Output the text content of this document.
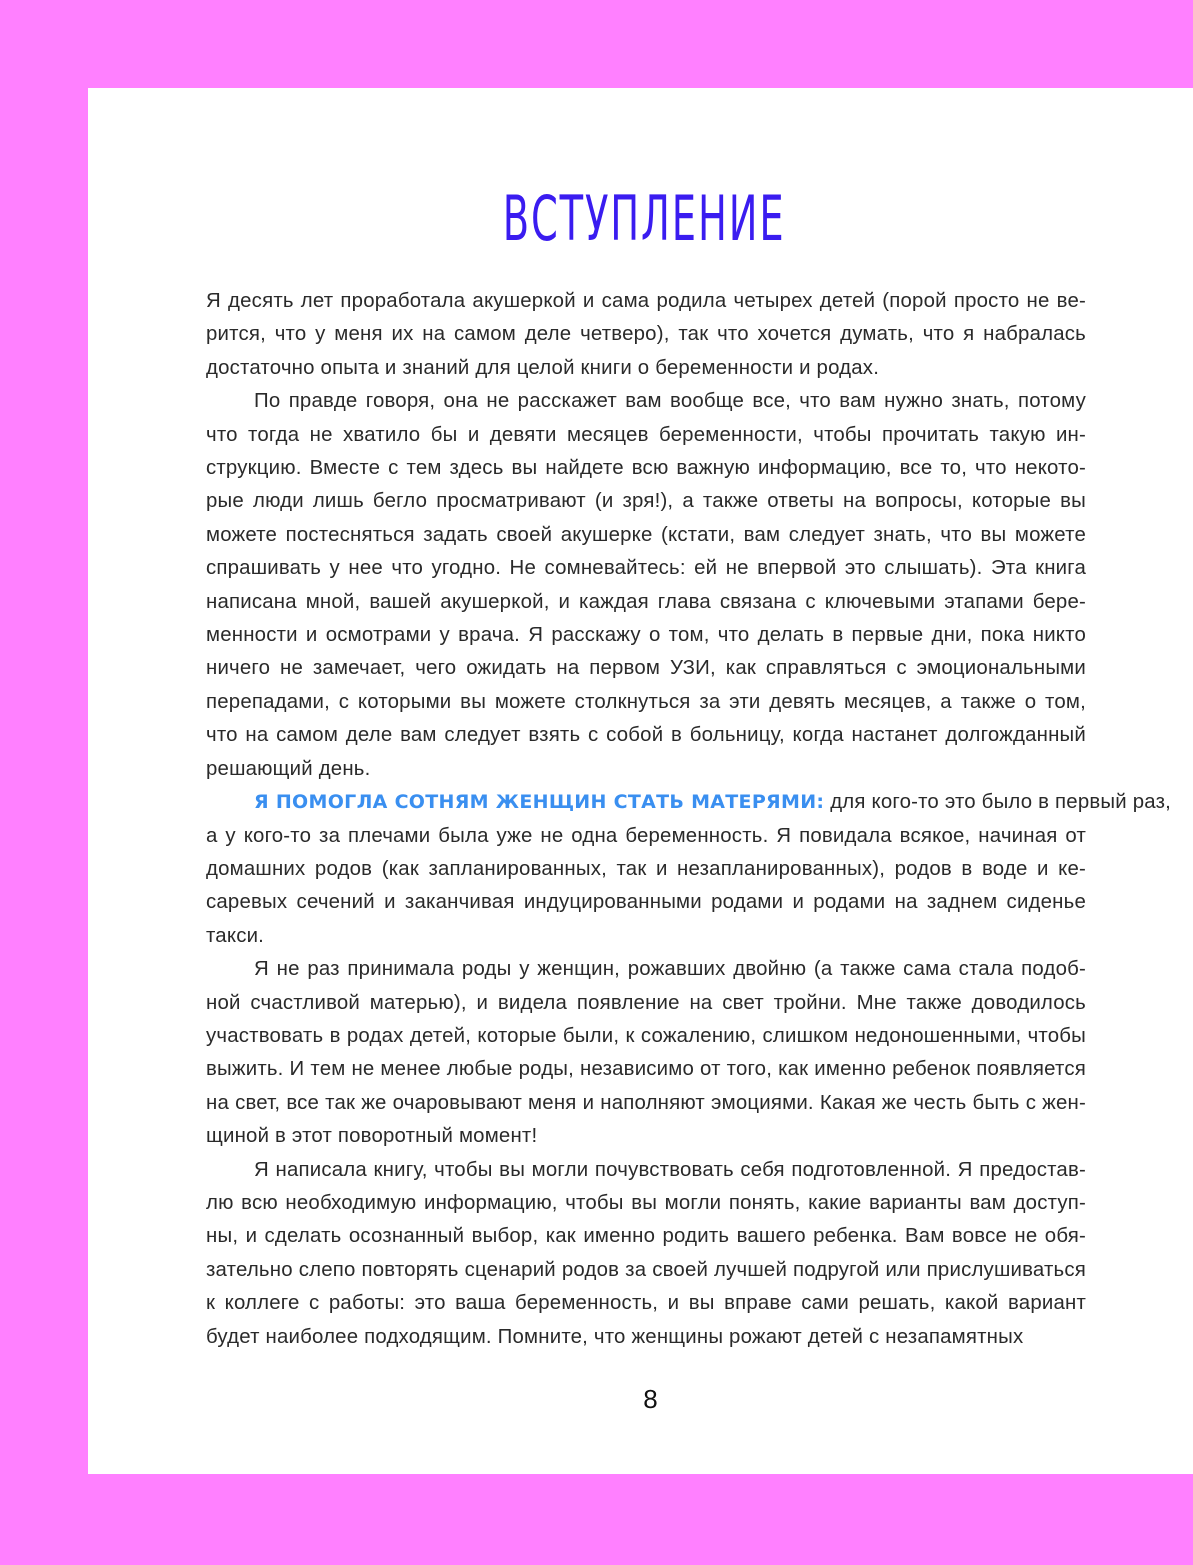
ВСТУПЛЕНИЕ

Я десять лет проработала акушеркой и сама родила четырех детей (порой просто не ве-
рится, что у меня их на самом деле четверо), так что хочется думать, что я набралась
достаточно опыта и знаний для целой книги о беременности и родах.

По правде говоря, она не расскажет вам вообще все, что вам нужно знать, потому
что тогда не хватило бы и девяти месяцев беременности, чтобы прочитать такую ин-
струкцию. Вместе с тем здесь вы найдете всю важную информацию, все то, что некото-
рые люди лишь бегло просматривают (и зря!), а также ответы на вопросы, которые вы
можете постесняться задать своей акушерке (кстати, вам следует знать, что вы можете
спрашивать у нее что угодно. Не сомневайтесь: ей не впервой это слышать). Эта книга
написана мной, вашей акушеркой, и каждая глава связана с ключевыми этапами бере-
менности и осмотрами у врача. Я расскажу о том, что делать в первые дни, пока никто
ничего не замечает, чего ожидать на первом УЗИ, как справляться с эмоциональными
перепадами, с которыми вы можете столкнуться за эти девять месяцев, а также о том,
что на самом деле вам следует взять с собой в больницу, когда настанет долгожданный
решающий день.

Я ПОМОГЛА СОТНЯМ ЖЕНЩИН СТАТЬ МАТЕРЯМИ: для кого-то это было в первый раз,
а у кого-то за плечами была уже не одна беременность. Я повидала всякое, начиная от
домашних родов (как запланированных, так и незапланированных), родов в воде и ке-
саревых сечений и заканчивая индуцированными родами и родами на заднем сиденье
такси.

Я не раз принимала роды у женщин, рожавших двойню (а также сама стала подоб-
ной счастливой матерью), и видела появление на свет тройни. Мне также доводилось
участвовать в родах детей, которые были, к сожалению, слишком недоношенными, чтобы
выжить. И тем не менее любые роды, независимо от того, как именно ребенок появляется
на свет, все так же очаровывают меня и наполняют эмоциями. Какая же честь быть с жен-
щиной в этот поворотный момент!

Я написала книгу, чтобы вы могли почувствовать себя подготовленной. Я предостав-
лю всю необходимую информацию, чтобы вы могли понять, какие варианты вам доступ-
ны, и сделать осознанный выбор, как именно родить вашего ребенка. Вам вовсе не обя-
зательно слепо повторять сценарий родов за своей лучшей подругой или прислушиваться
к коллеге с работы: это ваша беременность, и вы вправе сами решать, какой вариант
будет наиболее подходящим. Помните, что женщины рожают детей с незапамятных

8
